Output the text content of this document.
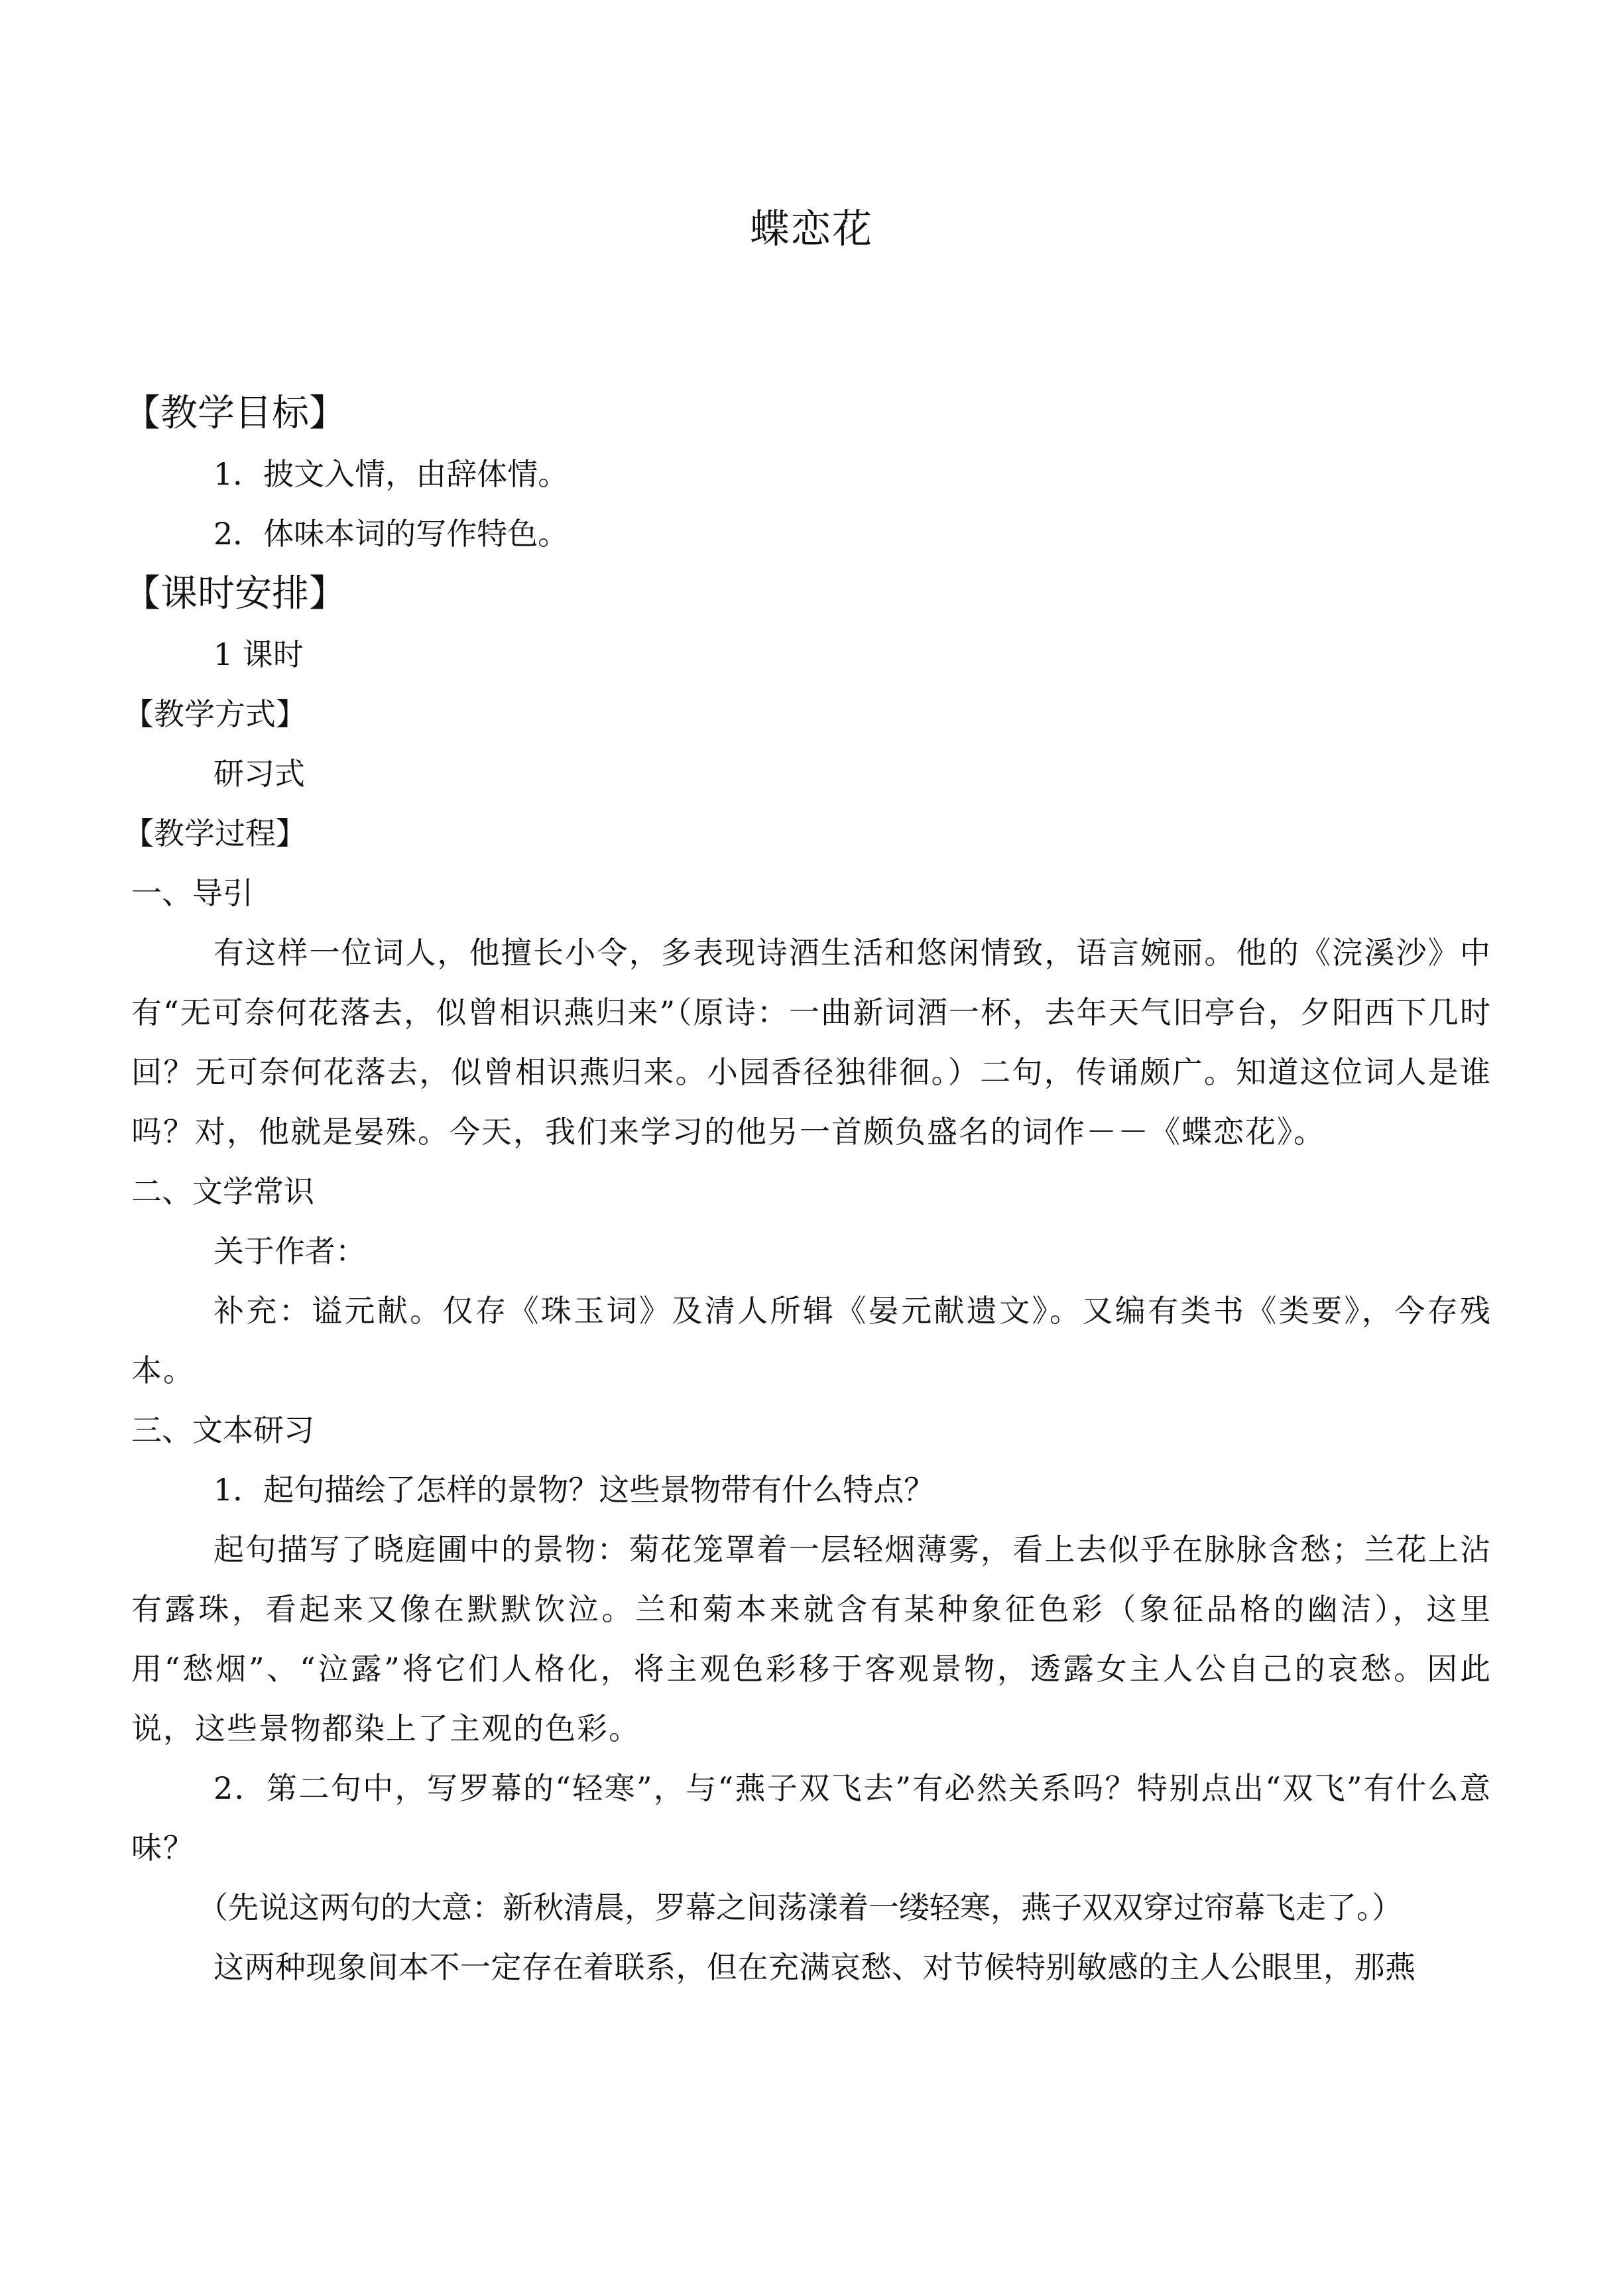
蝶恋花
【教学目标】
1．披文入情，由辞体情。
2．体味本词的写作特色。
【课时安排】
1 课时
【教学方式】
研习式
【教学过程】
一、导引
有这样一位词人，他擅长小令，多表现诗酒生活和悠闲情致，语言婉丽。他的《浣溪沙》中有“无可奈何花落去，似曾相识燕归来”（原诗：一曲新词酒一杯，去年天气旧亭台，夕阳西下几时回？无可奈何花落去，似曾相识燕归来。小园香径独徘徊。）二句，传诵颇广。知道这位词人是谁吗？对，他就是晏殊。今天，我们来学习的他另一首颇负盛名的词作－－《蝶恋花》。
二、文学常识
关于作者：
补充：谥元献。仅存《珠玉词》及清人所辑《晏元献遗文》。又编有类书《类要》，今存残本。
三、文本研习
1．起句描绘了怎样的景物？这些景物带有什么特点？
起句描写了晓庭圃中的景物：菊花笼罩着一层轻烟薄雾，看上去似乎在脉脉含愁；兰花上沾有露珠，看起来又像在默默饮泣。兰和菊本来就含有某种象征色彩（象征品格的幽洁），这里用“愁烟”、“泣露”将它们人格化，将主观色彩移于客观景物，透露女主人公自己的哀愁。因此说，这些景物都染上了主观的色彩。
2．第二句中，写罗幕的“轻寒”，与“燕子双飞去”有必然关系吗？特别点出“双飞”有什么意味？
（先说这两句的大意：新秋清晨，罗幕之间荡漾着一缕轻寒，燕子双双穿过帘幕飞走了。）
这两种现象间本不一定存在着联系，但在充满哀愁、对节候特别敏感的主人公眼里，那燕
